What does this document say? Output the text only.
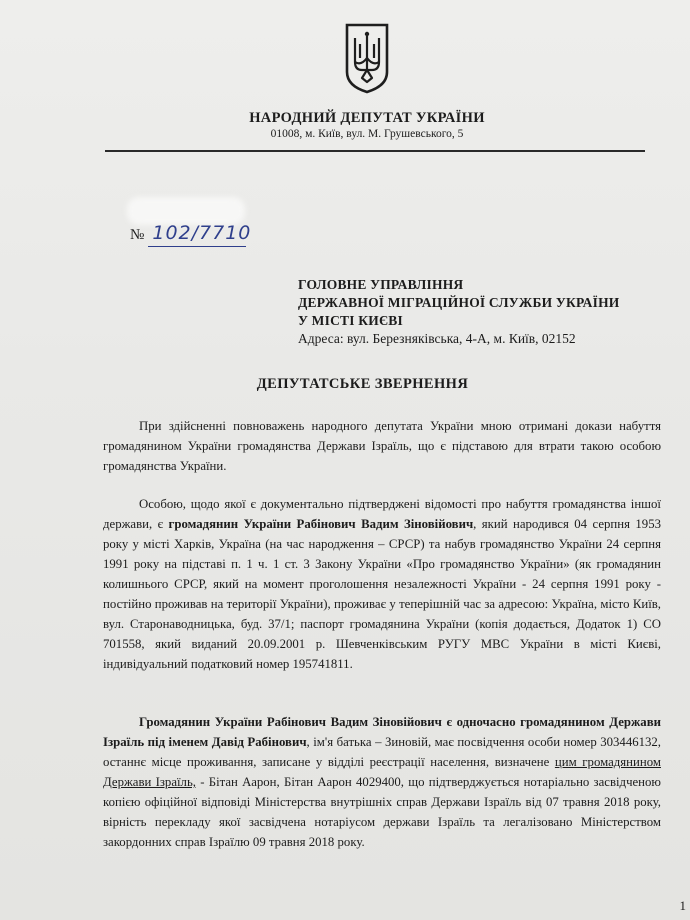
НАРОДНИЙ ДЕПУТАТ УКРАЇНИ
01008, м. Київ, вул. М. Грушевського, 5
№ 102/7710
ГОЛОВНЕ УПРАВЛІННЯ
ДЕРЖАВНОЇ МІГРАЦІЙНОЇ СЛУЖБИ УКРАЇНИ
У МІСТІ КИЄВІ
Адреса: вул. Березняківська, 4-А, м. Київ, 02152
ДЕПУТАТСЬКЕ ЗВЕРНЕННЯ
При здійсненні повноважень народного депутата України мною отримані докази набуття громадянином України громадянства Держави Ізраїль, що є підставою для втрати такою особою громадянства України.
Особою, щодо якої є документально підтверджені відомості про набуття громадянства іншої держави, є громадянин України Рабінович Вадим Зіновійович, який народився 04 серпня 1953 року у місті Харків, Україна (на час народження – СРСР) та набув громадянство України 24 серпня 1991 року на підставі п. 1 ч. 1 ст. 3 Закону України «Про громадянство України» (як громадянин колишнього СРСР, який на момент проголошення незалежності України - 24 серпня 1991 року - постійно проживав на території України), проживає у теперішній час за адресою: Україна, місто Київ, вул. Старонаводницька, буд. 37/1; паспорт громадянина України (копія додається, Додаток 1) СО 701558, який виданий 20.09.2001 р. Шевченківським РУГУ МВС України в місті Києві, індивідуальний податковий номер 195741811.
Громадянин України Рабінович Вадим Зіновійович є одночасно громадянином Держави Ізраїль під іменем Давід Рабінович, ім'я батька – Зиновій, має посвідчення особи номер 303446132, останнє місце проживання, записане у відділі реєстрації населення, визначене цим громадянином Держави Ізраїль, - Бітан Аарон, Бітан Аарон 4029400, що підтверджується нотаріально засвідченою копією офіційної відповіді Міністерства внутрішніх справ Держави Ізраїль від 07 травня 2018 року, вірність перекладу якої засвідчена нотаріусом держави Ізраїль та легалізовано Міністерством закордонних справ Ізраїлю 09 травня 2018 року.
1
